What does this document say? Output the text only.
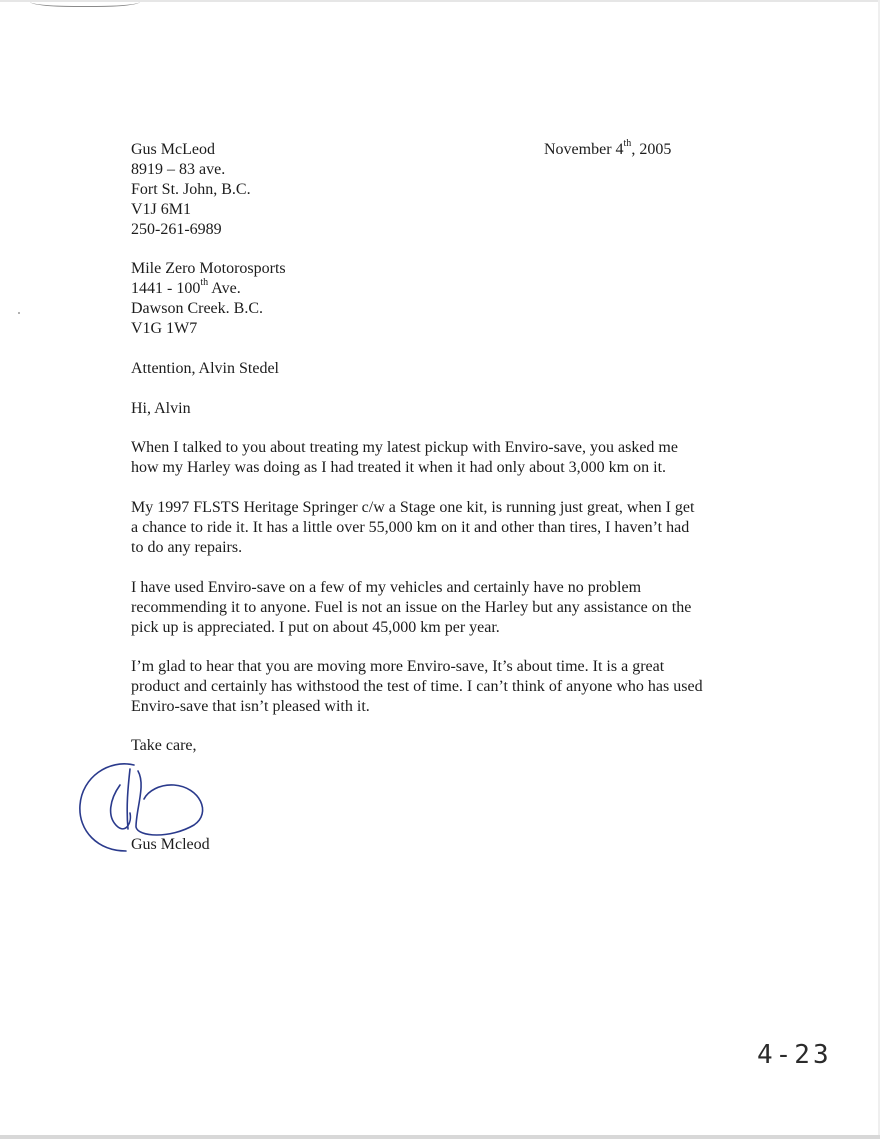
Gus McLeod
8919 – 83 ave.
Fort St. John, B.C.
V1J 6M1
250-261-6989
November 4th, 2005
Mile Zero Motorosports
1441 - 100th Ave.
Dawson Creek. B.C.
V1G 1W7
Attention, Alvin Stedel
Hi, Alvin
When I talked to you about treating my latest pickup with Enviro-save, you asked me
how my Harley was doing as I had treated it when it had only about 3,000 km on it.
My 1997 FLSTS Heritage Springer c/w a Stage one kit, is running just great, when I get
a chance to ride it. It has a little over 55,000 km on it and other than tires, I haven’t had
to do any repairs.
I have used Enviro-save on a few of my vehicles and certainly have no problem
recommending it to anyone. Fuel is not an issue on the Harley but any assistance on the
pick up is appreciated. I put on about 45,000 km per year.
I’m glad to hear that you are moving more Enviro-save, It’s about time. It is a great
product and certainly has withstood the test of time. I can’t think of anyone who has used
Enviro-save that isn’t pleased with it.
Take care,
Gus Mcleod
4-23
